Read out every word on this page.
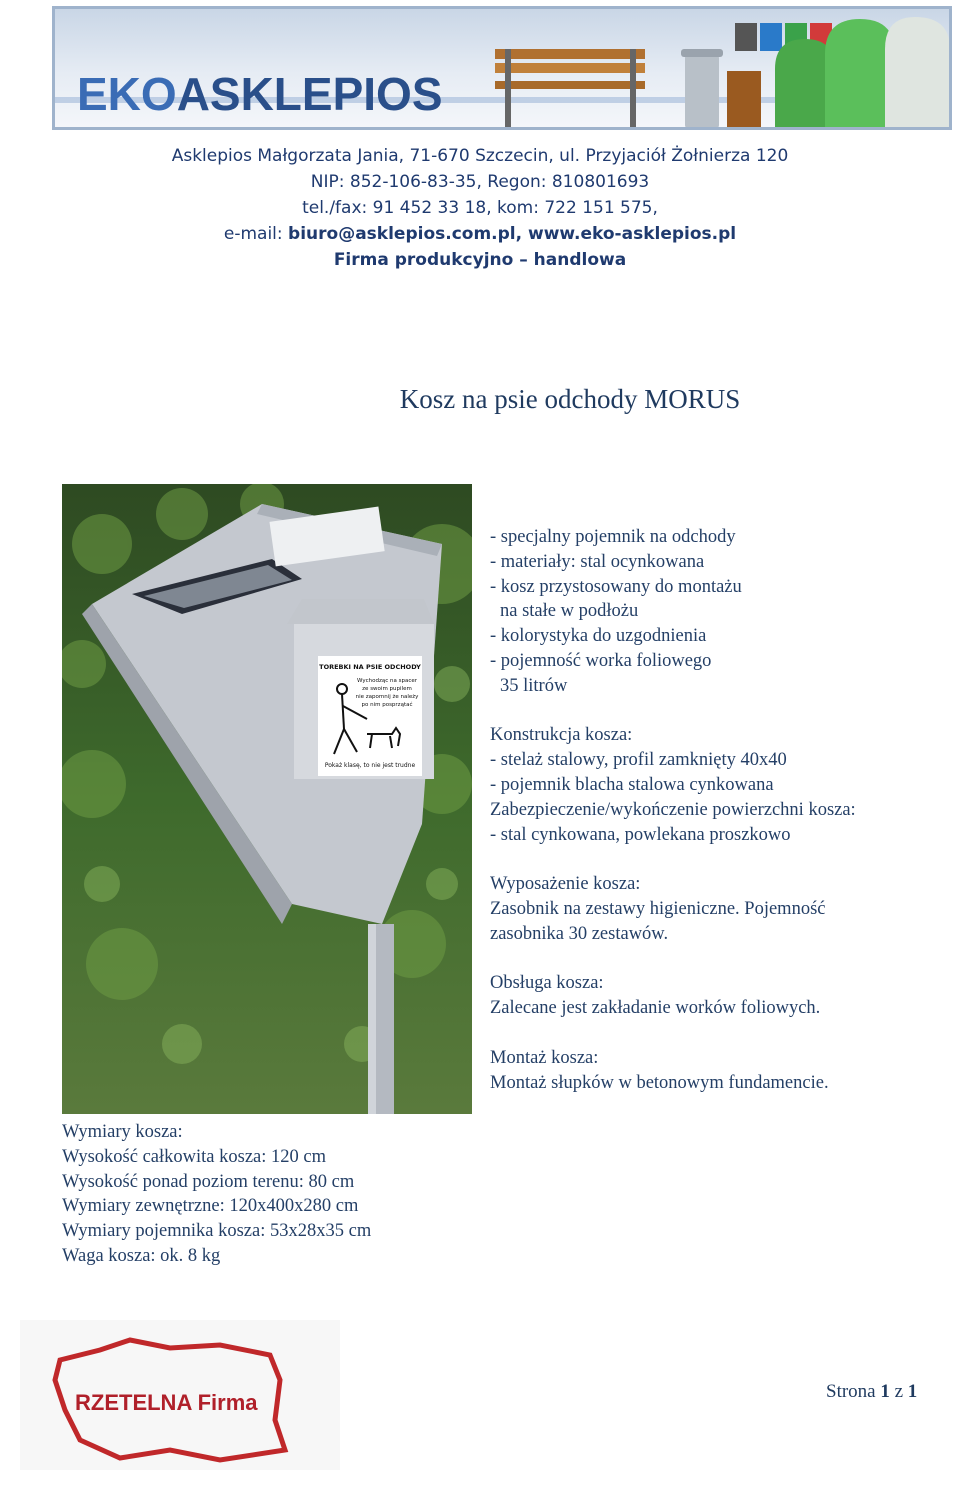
EKOASKLEPIOS
Asklepios Małgorzata Jania, 71-670 Szczecin, ul. Przyjaciół Żołnierza 120
NIP: 852-106-83-35, Regon: 810801693
tel./fax: 91 452 33 18, kom: 722 151 575,
e-mail: biuro@asklepios.com.pl, www.eko-asklepios.pl
Firma produkcyjno – handlowa
Kosz na psie odchody MORUS
TOREBKI NA PSIE ODCHODY
Wychodząc na spacer
ze swoim pupilem
nie zapomnij że należy
po nim posprzątać
Pokaż klasę, to nie jest trudne
- specjalny pojemnik na odchody
- materiały: stal ocynkowana
- kosz przystosowany do montażu
na stałe w podłożu
- kolorystyka do uzgodnienia
- pojemność worka foliowego
35 litrów
Konstrukcja kosza:
- stelaż stalowy, profil zamknięty 40x40
- pojemnik blacha stalowa cynkowana
Zabezpieczenie/wykończenie powierzchni kosza:
- stal cynkowana, powlekana proszkowo
Wyposażenie kosza:
Zasobnik na zestawy higieniczne. Pojemność
zasobnika 30 zestawów.
Obsługa kosza:
Zalecane jest zakładanie worków foliowych.
Montaż kosza:
Montaż słupków w betonowym fundamencie.
Wymiary kosza:
Wysokość całkowita kosza: 120 cm
Wysokość ponad poziom terenu: 80 cm
Wymiary zewnętrzne: 120x400x280 cm
Wymiary pojemnika kosza: 53x28x35 cm
Waga kosza: ok. 8 kg
RZETELNA Firma	Strona 1 z 1
